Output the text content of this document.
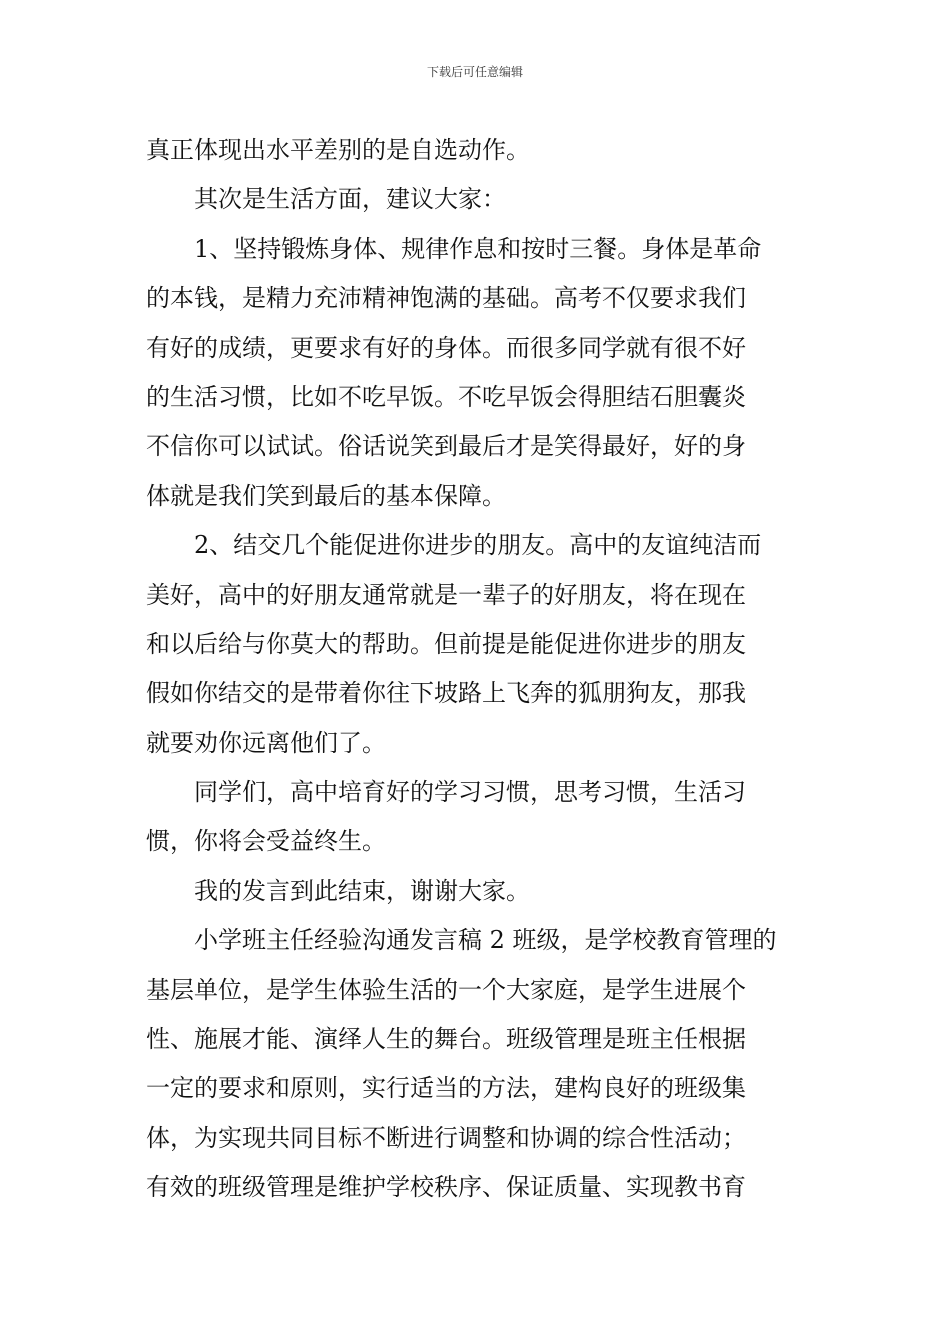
下载后可任意编辑
真正体现出水平差别的是自选动作。
其次是生活方面，建议大家：
1、坚持锻炼身体、规律作息和按时三餐。身体是革命
的本钱，是精力充沛精神饱满的基础。高考不仅要求我们
有好的成绩，更要求有好的身体。而很多同学就有很不好
的生活习惯，比如不吃早饭。不吃早饭会得胆结石胆囊炎
不信你可以试试。俗话说笑到最后才是笑得最好，好的身
体就是我们笑到最后的基本保障。
2、结交几个能促进你进步的朋友。高中的友谊纯洁而
美好，高中的好朋友通常就是一辈子的好朋友，将在现在
和以后给与你莫大的帮助。但前提是能促进你进步的朋友
假如你结交的是带着你往下坡路上飞奔的狐朋狗友，那我
就要劝你远离他们了。
同学们，高中培育好的学习习惯，思考习惯，生活习
惯，你将会受益终生。
我的发言到此结束，谢谢大家。
小学班主任经验沟通发言稿 2 班级，是学校教育管理的
基层单位，是学生体验生活的一个大家庭，是学生进展个
性、施展才能、演绎人生的舞台。班级管理是班主任根据
一定的要求和原则，实行适当的方法，建构良好的班级集
体，为实现共同目标不断进行调整和协调的综合性活动；
有效的班级管理是维护学校秩序、保证质量、实现教书育
